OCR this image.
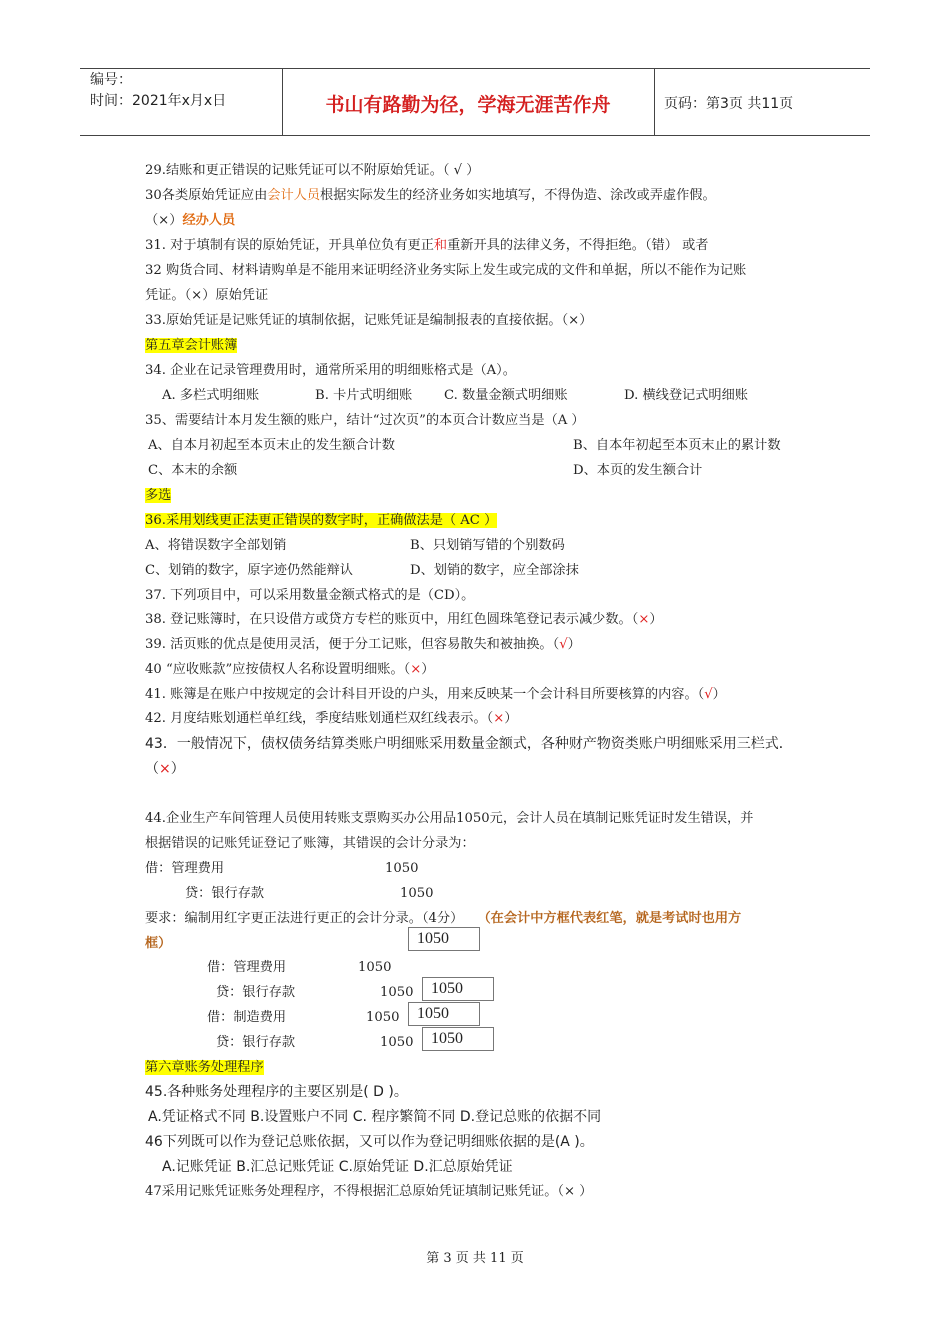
编号：
时间：2021年x月x日	书山有路勤为径，学海无涯苦作舟	页码：第3页 共11页
29.结账和更正错误的记账凭证可以不附原始凭证。（ √ ）
30各类原始凭证应由会计人员根据实际发生的经济业务如实地填写，不得伪造、涂改或弄虚作假。
（×）经办人员
31. 对于填制有误的原始凭证，开具单位负有更正和重新开具的法律义务，不得拒绝。（错） 或者
32 购货合同、材料请购单是不能用来证明经济业务实际上发生或完成的文件和单据，所以不能作为记账
凭证。（×）原始凭证
33.原始凭证是记账凭证的填制依据，记账凭证是编制报表的直接依据。（×）
第五章会计账簿
34. 企业在记录管理费用时，通常所采用的明细账格式是（A）。
A. 多栏式明细账	B. 卡片式明细账 C. 数量金额式明细账	D. 横线登记式明细账
35、需要结计本月发生额的账户，结计“过次页”的本页合计数应当是（A ）
A、自本月初起至本页末止的发生额合计数	B、自本年初起至本页末止的累计数
C、本末的余额	D、本页的发生额合计
多选
36.采用划线更正法更正错误的数字时，正确做法是（ AC ）
A、将错误数字全部划销	B、只划销写错的个别数码
C、划销的数字，原字迹仍然能辩认	D、划销的数字，应全部涂抹
37. 下列项目中，可以采用数量金额式格式的是（CD）。
38. 登记账簿时，在只设借方或贷方专栏的账页中，用红色圆珠笔登记表示减少数。（×）
39. 活页账的优点是使用灵活，便于分工记账，但容易散失和被抽换。（√）
40 “应收账款”应按债权人名称设置明细账。（×）
41. 账簿是在账户中按规定的会计科目开设的户头，用来反映某一个会计科目所要核算的内容。（√）
42. 月度结账划通栏单红线，季度结账划通栏双红线表示。（×）
43．一般情况下，债权债务结算类账户明细账采用数量金额式，各种财产物资类账户明细账采用三栏式．
（×）
44.企业生产车间管理人员使用转账支票购买办公用品1050元，会计人员在填制记账凭证时发生错误，并
根据错误的记账凭证登记了账簿，其错误的会计分录为：
借：管理费用	1050
贷：银行存款	1050
要求：编制用红字更正法进行更正的会计分录。（4分） （在会计中方框代表红笔，就是考试时也用方
框）	1050
借：管理费用	1050
贷：银行存款	1050	1050
借：制造费用	1050	1050
贷：银行存款	1050	1050
第六章账务处理程序
45.各种账务处理程序的主要区别是( D )。
A.凭证格式不同 B.设置账户不同 C. 程序繁简不同 D.登记总账的依据不同
46下列既可以作为登记总账依据，又可以作为登记明细账依据的是(A )。
A.记账凭证 B.汇总记账凭证 C.原始凭证 D.汇总原始凭证
47采用记账凭证账务处理程序，不得根据汇总原始凭证填制记账凭证。（× ）
第 3 页 共 11 页
